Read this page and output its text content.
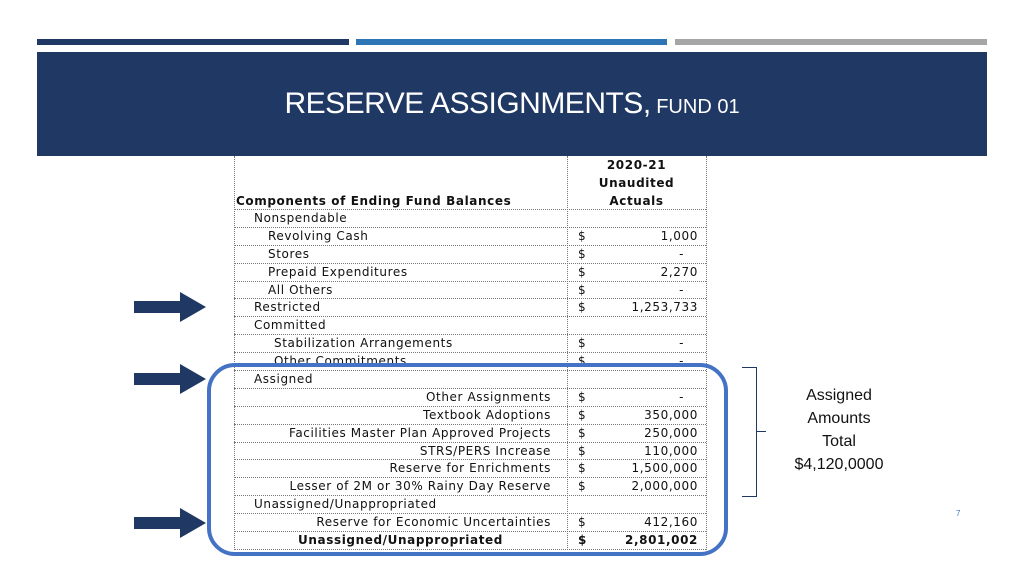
RESERVE ASSIGNMENTS, FUND 01
2020-21
Unaudited
Actuals
Components of Ending Fund Balances
Nonspendable
Revolving Cash	$	1,000
Stores	$	-
Prepaid Expenditures	$	2,270
All Others	$	-
Restricted	$	1,253,733
Committed
Stabilization Arrangements	$	-
Other Commitments	$	-
Assigned
Other Assignments	$	-
Textbook Adoptions	$	350,000
Facilities Master Plan Approved Projects	$	250,000
STRS/PERS Increase	$	110,000
Reserve for Enrichments	$	1,500,000
Lesser of 2M or 30% Rainy Day Reserve	$	2,000,000
Unassigned/Unappropriated
Reserve for Economic Uncertainties	$	412,160
Unassigned/Unappropriated	$	2,801,002
Assigned
Amounts
Total
$4,120,0000
7
